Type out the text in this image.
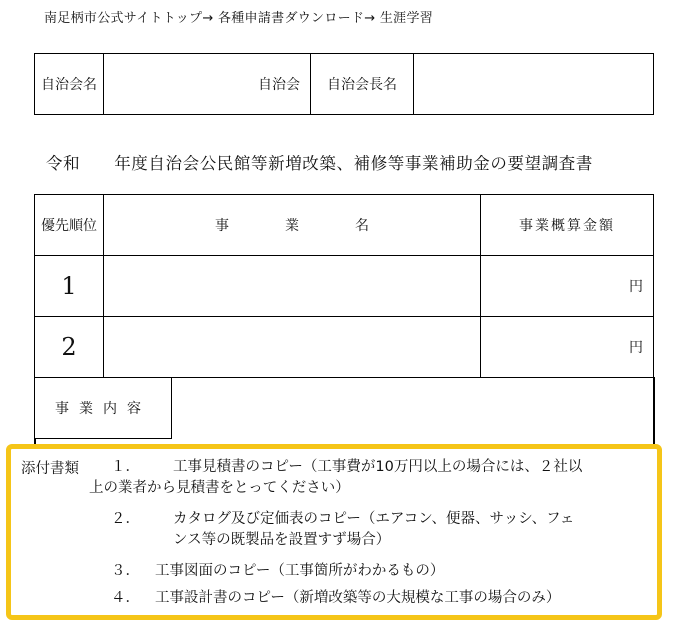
南足柄市公式サイトトップ→ 各種申請書ダウンロード→ 生涯学習
自治会名	自治会	自治会長名	
令和 年度自治会公民館等新増改築、補修等事業補助金の要望調査書
優先順位	事　　　　業　　　　名	事業概算金額
1		円
2		円
事業内容
添付書類 １． 工事見積書のコピー（工事費が10万円以上の場合には、２社以
上の業者から見積書をとってください）
２． カタログ及び定価表のコピー（エアコン、便器、サッシ、フェ
ンス等の既製品を設置すず場合）
３． 工事図面のコピー（工事箇所がわかるもの）
４． 工事設計書のコピー（新増改築等の大規模な工事の場合のみ）
